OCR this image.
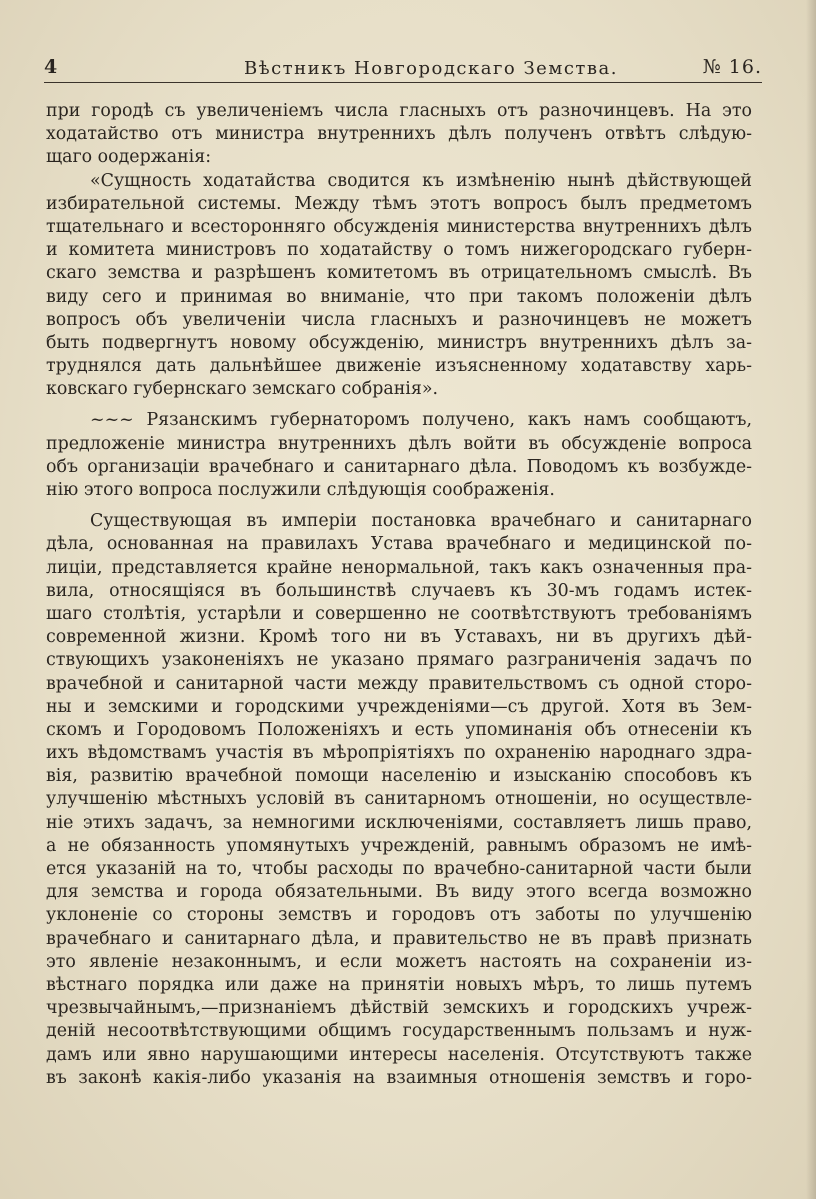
4	Вѣстникъ Новгородскаго Земства.	№ 16.
при городѣ съ увеличеніемъ числа гласныхъ отъ разночинцевъ. На это
ходатайство отъ министра внутреннихъ дѣлъ полученъ отвѣтъ слѣдую-
щаго оодержанія:
«Сущность ходатайства сводится къ измѣненію нынѣ дѣйствующей
избирательной системы. Между тѣмъ этотъ вопросъ былъ предметомъ
тщательнаго и всесторонняго обсужденія министерства внутреннихъ дѣлъ
и комитета министровъ по ходатайству о томъ нижегородскаго губерн-
скаго земства и разрѣшенъ комитетомъ въ отрицательномъ смыслѣ. Въ
виду сего и принимая во вниманіе, что при такомъ положеніи дѣлъ
вопросъ объ увеличеніи числа гласныхъ и разночинцевъ не можетъ
быть подвергнутъ новому обсужденію, министръ внутреннихъ дѣлъ за-
труднялся дать дальнѣйшее движеніе изъясненному ходатавству харь-
ковскаго губернскаго земскаго собранія».
~~~ Рязанскимъ губернаторомъ получено, какъ намъ сообщаютъ,
предложеніе министра внутреннихъ дѣлъ войти въ обсужденіе вопроса
объ организаціи врачебнаго и санитарнаго дѣла. Поводомъ къ возбужде-
нію этого вопроса послужили слѣдующія соображенія.
Существующая въ имперіи постановка врачебнаго и санитарнаго
дѣла, основанная на правилахъ Устава врачебнаго и медицинской по-
лиціи, представляется крайне ненормальной, такъ какъ означенныя пра-
вила, относящіяся въ большинствѣ случаевъ къ 30-мъ годамъ истек-
шаго столѣтія, устарѣли и совершенно не соотвѣтствуютъ требованіямъ
современной жизни. Кромѣ того ни въ Уставахъ, ни въ другихъ дѣй-
ствующихъ узаконеніяхъ не указано прямаго разграниченія задачъ по
врачебной и санитарной части между правительствомъ съ одной сторо-
ны и земскими и городскими учрежденіями—съ другой. Хотя въ Зем-
скомъ и Городовомъ Положеніяхъ и есть упоминанія объ отнесеніи къ
ихъ вѣдомствамъ участія въ мѣропріятіяхъ по охраненію народнаго здра-
вія, развитію врачебной помощи населенію и изысканію способовъ къ
улучшенію мѣстныхъ условій въ санитарномъ отношеніи, но осуществле-
ніе этихъ задачъ, за немногими исключеніями, составляетъ лишь право,
а не обязанность упомянутыхъ учрежденій, равнымъ образомъ не имѣ-
ется указаній на то, чтобы расходы по врачебно-санитарной части были
для земства и города обязательными. Въ виду этого всегда возможно
уклоненіе со стороны земствъ и городовъ отъ заботы по улучшенію
врачебнаго и санитарнаго дѣла, и правительство не въ правѣ признать
это явленіе незаконнымъ, и если можетъ настоять на сохраненіи из-
вѣстнаго порядка или даже на принятіи новыхъ мѣръ, то лишь путемъ
чрезвычайнымъ,—признаніемъ дѣйствій земскихъ и городскихъ учреж-
деній несоотвѣтствующими общимъ государственнымъ пользамъ и нуж-
дамъ или явно нарушающими интересы населенія. Отсутствуютъ также
въ законѣ какія-либо указанія на взаимныя отношенія земствъ и горо-
